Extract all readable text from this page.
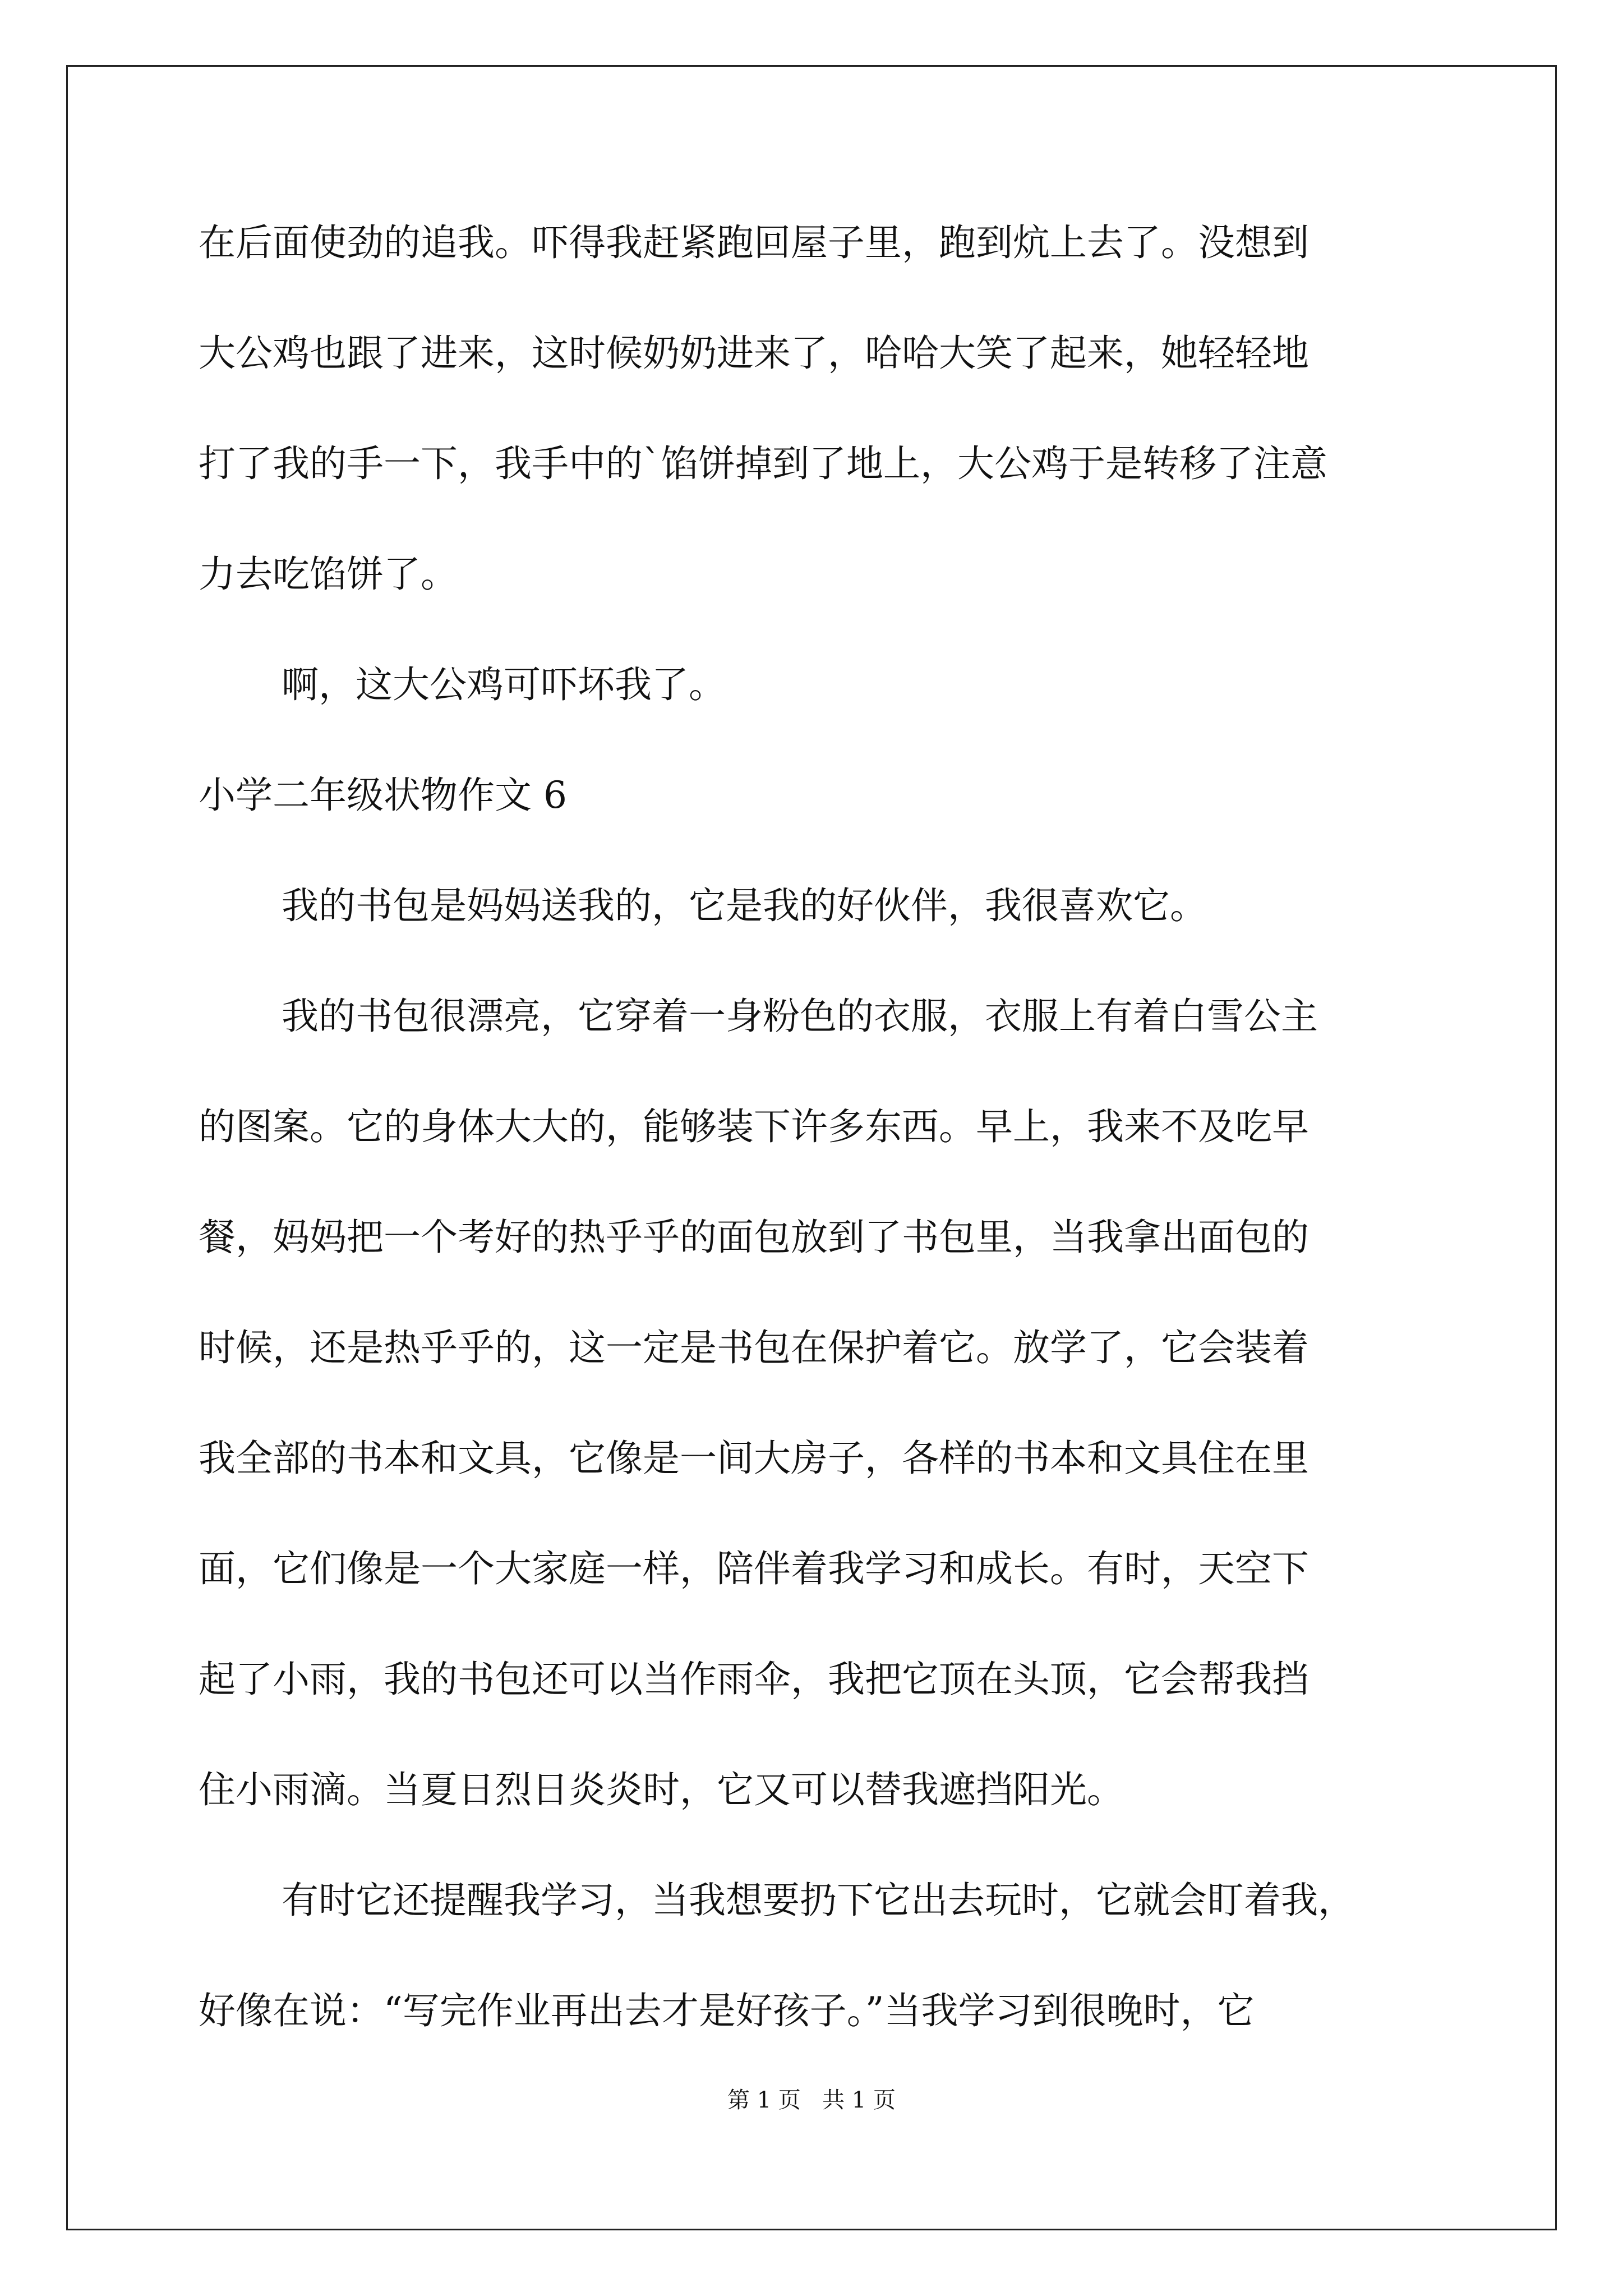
在后面使劲的追我。吓得我赶紧跑回屋子里，跑到炕上去了。没想到
大公鸡也跟了进来，这时候奶奶进来了，哈哈大笑了起来，她轻轻地
打了我的手一下，我手中的`馅饼掉到了地上，大公鸡于是转移了注意
力去吃馅饼了。
啊，这大公鸡可吓坏我了。
小学二年级状物作文 6
我的书包是妈妈送我的，它是我的好伙伴，我很喜欢它。
我的书包很漂亮，它穿着一身粉色的衣服，衣服上有着白雪公主
的图案。它的身体大大的，能够装下许多东西。早上，我来不及吃早
餐，妈妈把一个考好的热乎乎的面包放到了书包里，当我拿出面包的
时候，还是热乎乎的，这一定是书包在保护着它。放学了，它会装着
我全部的书本和文具，它像是一间大房子，各样的书本和文具住在里
面，它们像是一个大家庭一样，陪伴着我学习和成长。有时，天空下
起了小雨，我的书包还可以当作雨伞，我把它顶在头顶，它会帮我挡
住小雨滴。当夏日烈日炎炎时，它又可以替我遮挡阳光。
有时它还提醒我学习，当我想要扔下它出去玩时，它就会盯着我，
好像在说：“写完作业再出去才是好孩子。”当我学习到很晚时，它
第 1 页   共 1 页
